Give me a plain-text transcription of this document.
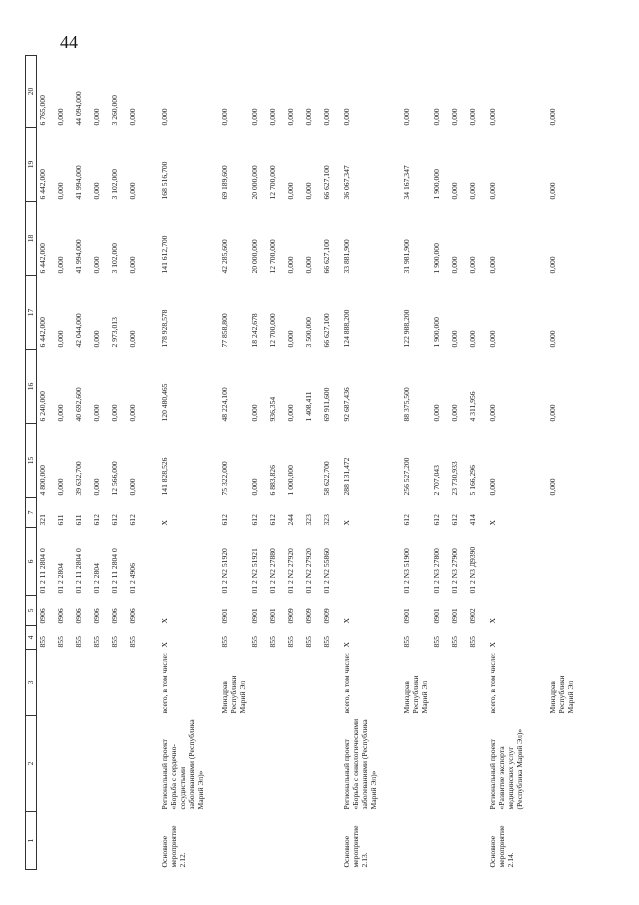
44
1	2	3	4	5	6	7	15	16	17	18	19	20
			855	0906	01 2 11 2804 0	321	4 800,000	6 240,000	6 442,000	6 442,000	6 442,000	6 765,000
			855	0906	01 2 2804	611	0,000	0,000	0,000	0,000	0,000	0,000
			855	0906	01 2 11 2804 0	611	39 632,700	40 692,600	42 044,000	41 994,000	41 994,000	44 094,000
			855	0906	01 2 2804	612	0,000	0,000	0,000	0,000	0,000	0,000
			855	0906	01 2 11 2804 0	612	12 566,000	0,000	2 973,013	3 102,000	3 102,000	3 260,000
			855	0906	01 2 4906	612	0,000	0,000	0,000	0,000	0,000	0,000
Основное мероприятие 2.12.	Региональный проект «Борьба с сердечно-сосудистыми заболеваниями (Республика Марий Эл)»	всего, в том числе:	X	X		X	141 828,526	120 480,465	178 928,578	141 612,700	168 516,700	0,000
		Минздрав Республики Марий Эл	855	0901	01 2 N2 51920	612	75 322,000	48 224,100	77 858,800	42 285,600	69 189,600	0,000
			855	0901	01 2 N2 51921	612	0,000	0,000	18 242,678	20 000,000	20 000,000	0,000
			855	0901	01 2 N2 27880	612	6 883,826	936,354	12 700,000	12 700,000	12 700,000	0,000
			855	0909	01 2 N2 27920	244	1 000,000	0,000	0,000	0,000	0,000	0,000
			855	0909	01 2 N2 27920	323		1 408,411	3 500,000	0,000	0,000	0,000
			855	0909	01 2 N2 55860	323	58 622,700	69 911,600	66 627,100	66 627,100	66 627,100	0,000
Основное мероприятие 2.13.	Региональный проект «Борьба с онкологическими заболеваниями (Республика Марий Эл)»	всего, в том числе:	X	X		X	288 131,472	92 687,436	124 888,200	33 881,900	36 067,347	0,000
		Минздрав Республики Марий Эл	855	0901	01 2 N3 51900	612	256 527,200	88 375,500	122 988,200	31 981,900	34 167,347	0,000
			855	0901	01 2 N3 27800	612	2 707,043	0,000	1 900,000	1 900,000	1 900,000	0,000
			855	0901	01 2 N3 27900	612	23 730,933	0,000	0,000	0,000	0,000	0,000
			855	0902	01 2 N3 Д9390	414	5 166,296	4 311,956	0,000	0,000	0,000	0,000
Основное мероприятие 2.14.	Региональный проект «Развитие экспорта медицинских услуг (Республика Марий Эл)»	всего, в том числе:	X	X		X	0,000	0,000	0,000	0,000	0,000	0,000
		Минздрав Республики Марий Эл					0,000	0,000	0,000	0,000	0,000	0,000
